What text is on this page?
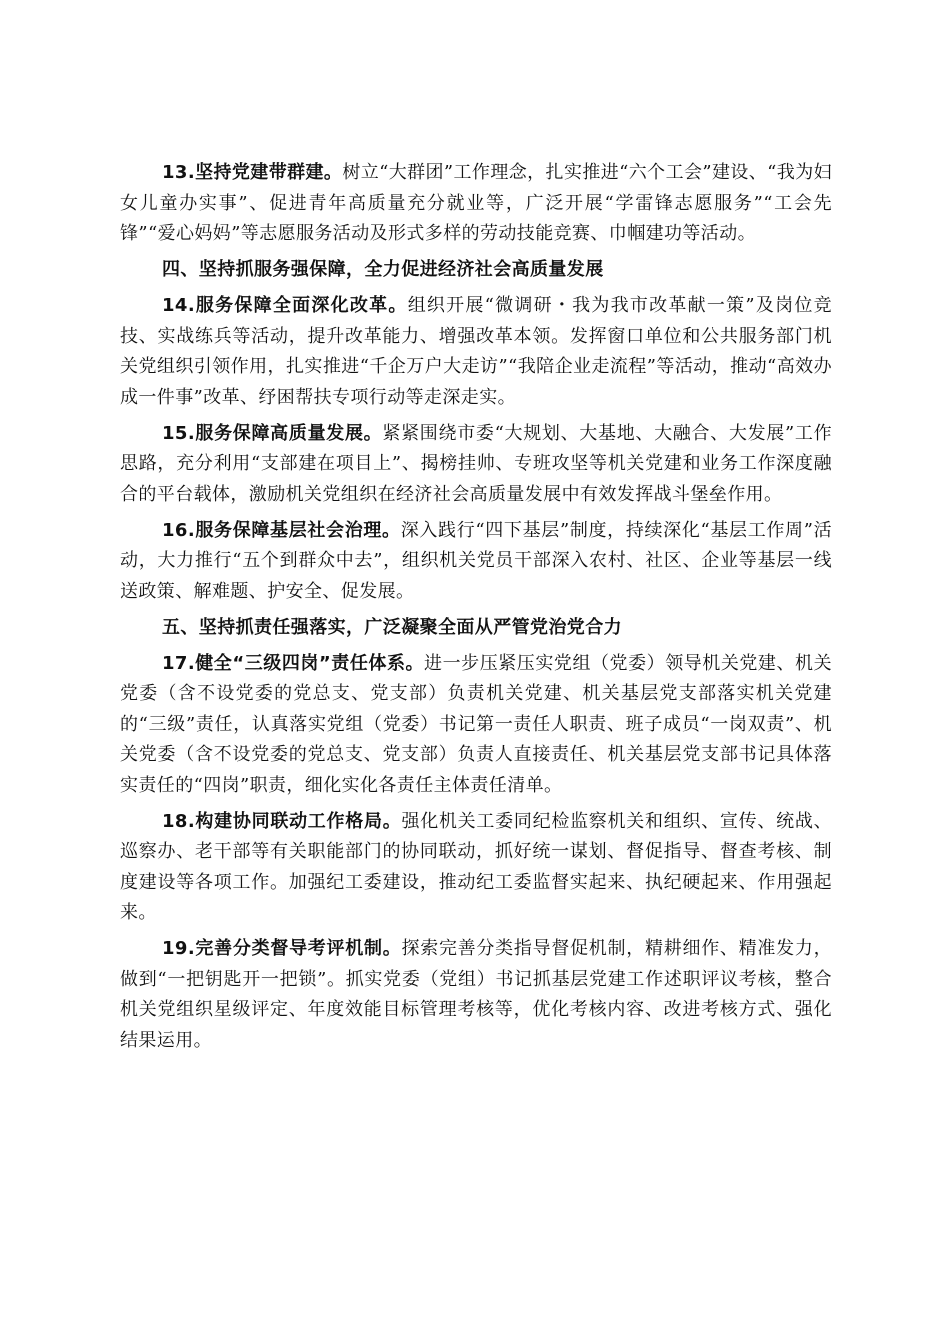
13.坚持党建带群建。树立“大群团”工作理念，扎实推进“六个工会”建设、“我为妇女儿童办实事”、促进青年高质量充分就业等，广泛开展“学雷锋志愿服务”“工会先锋”“爱心妈妈”等志愿服务活动及形式多样的劳动技能竞赛、巾帼建功等活动。

四、坚持抓服务强保障，全力促进经济社会高质量发展

14.服务保障全面深化改革。组织开展“微调研・我为我市改革献一策”及岗位竞技、实战练兵等活动，提升改革能力、增强改革本领。发挥窗口单位和公共服务部门机关党组织引领作用，扎实推进“千企万户大走访”“我陪企业走流程”等活动，推动“高效办成一件事”改革、纾困帮扶专项行动等走深走实。

15.服务保障高质量发展。紧紧围绕市委“大规划、大基地、大融合、大发展”工作思路，充分利用“支部建在项目上”、揭榜挂帅、专班攻坚等机关党建和业务工作深度融合的平台载体，激励机关党组织在经济社会高质量发展中有效发挥战斗堡垒作用。

16.服务保障基层社会治理。深入践行“四下基层”制度，持续深化“基层工作周”活动，大力推行“五个到群众中去”，组织机关党员干部深入农村、社区、企业等基层一线送政策、解难题、护安全、促发展。

五、坚持抓责任强落实，广泛凝聚全面从严管党治党合力

17.健全“三级四岗”责任体系。进一步压紧压实党组（党委）领导机关党建、机关党委（含不设党委的党总支、党支部）负责机关党建、机关基层党支部落实机关党建的“三级”责任，认真落实党组（党委）书记第一责任人职责、班子成员“一岗双责”、机关党委（含不设党委的党总支、党支部）负责人直接责任、机关基层党支部书记具体落实责任的“四岗”职责，细化实化各责任主体责任清单。

18.构建协同联动工作格局。强化机关工委同纪检监察机关和组织、宣传、统战、巡察办、老干部等有关职能部门的协同联动，抓好统一谋划、督促指导、督查考核、制度建设等各项工作。加强纪工委建设，推动纪工委监督实起来、执纪硬起来、作用强起来。

19.完善分类督导考评机制。探索完善分类指导督促机制，精耕细作、精准发力，做到“一把钥匙开一把锁”。抓实党委（党组）书记抓基层党建工作述职评议考核，整合机关党组织星级评定、年度效能目标管理考核等，优化考核内容、改进考核方式、强化结果运用。
